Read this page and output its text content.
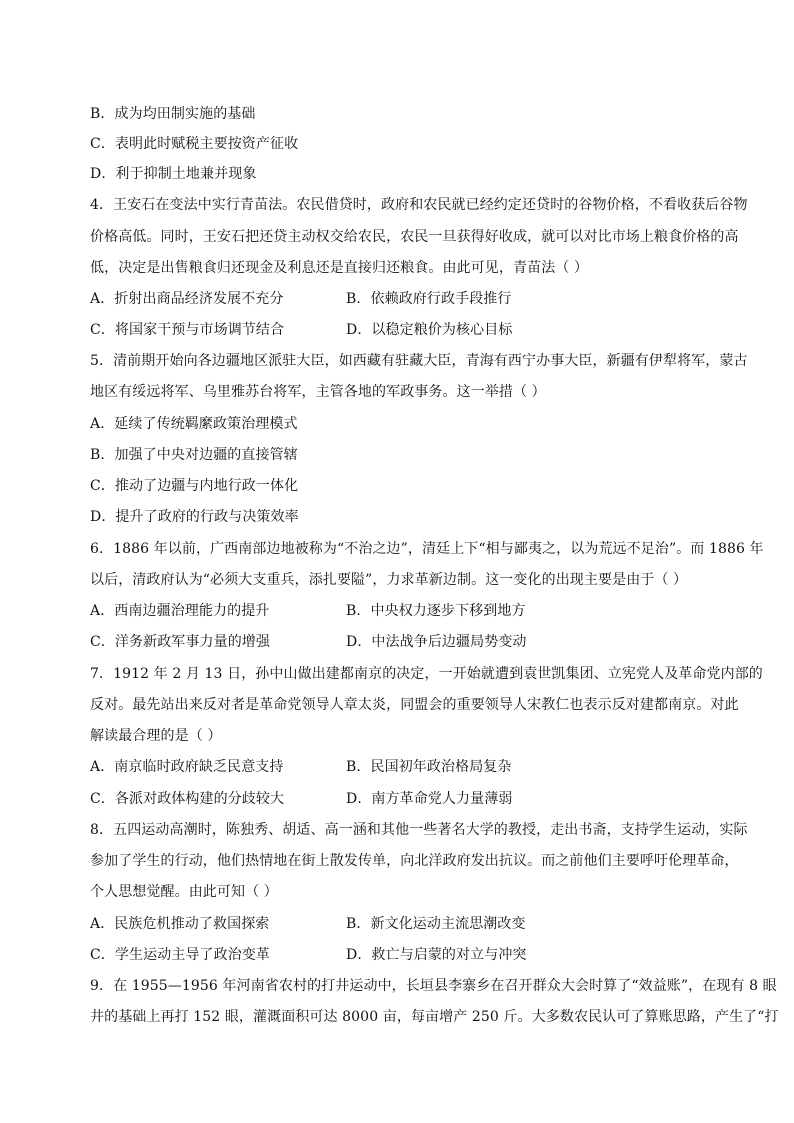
B．成为均田制实施的基础
C．表明此时赋税主要按资产征收
D．利于抑制土地兼并现象
4．王安石在变法中实行青苗法。农民借贷时，政府和农民就已经约定还贷时的谷物价格，不看收获后谷物
价格高低。同时，王安石把还贷主动权交给农民，农民一旦获得好收成，就可以对比市场上粮食价格的高
低，决定是出售粮食归还现金及利息还是直接归还粮食。由此可见，青苗法（ ）
A．折射出商品经济发展不充分	B．依赖政府行政手段推行
C．将国家干预与市场调节结合	D．以稳定粮价为核心目标
5．清前期开始向各边疆地区派驻大臣，如西藏有驻藏大臣，青海有西宁办事大臣，新疆有伊犁将军，蒙古
地区有绥远将军、乌里雅苏台将军，主管各地的军政事务。这一举措（ ）
A．延续了传统羁縻政策治理模式
B．加强了中央对边疆的直接管辖
C．推动了边疆与内地行政一体化
D．提升了政府的行政与决策效率
6．1886 年以前，广西南部边地被称为“不治之边”，清廷上下“相与鄙夷之，以为荒远不足治”。而 1886 年
以后，清政府认为“必须大支重兵，添扎要隘”，力求革新边制。这一变化的出现主要是由于（ ）
A．西南边疆治理能力的提升	B．中央权力逐步下移到地方
C．洋务新政军事力量的增强	D．中法战争后边疆局势变动
7．1912 年 2 月 13 日，孙中山做出建都南京的决定，一开始就遭到袁世凯集团、立宪党人及革命党内部的
反对。最先站出来反对者是革命党领导人章太炎，同盟会的重要领导人宋教仁也表示反对建都南京。对此
解读最合理的是（ ）
A．南京临时政府缺乏民意支持	B．民国初年政治格局复杂
C．各派对政体构建的分歧较大	D．南方革命党人力量薄弱
8．五四运动高潮时，陈独秀、胡适、高一涵和其他一些著名大学的教授，走出书斋，支持学生运动，实际
参加了学生的行动，他们热情地在街上散发传单，向北洋政府发出抗议。而之前他们主要呼吁伦理革命，
个人思想觉醒。由此可知（ ）
A．民族危机推动了救国探索	B．新文化运动主流思潮改变
C．学生运动主导了政治变革	D．救亡与启蒙的对立与冲突
9．在 1955—1956 年河南省农村的打井运动中，长垣县李寨乡在召开群众大会时算了“效益账”，在现有 8 眼
井的基础上再打 152 眼，灌溉面积可达 8000 亩，每亩增产 250 斤。大多数农民认可了算账思路，产生了“打
